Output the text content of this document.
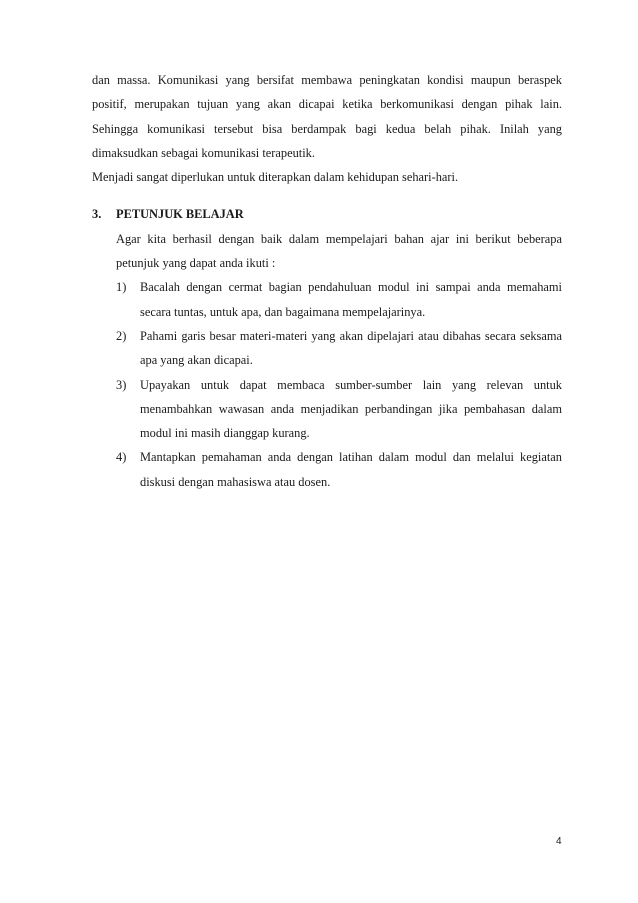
dan massa. Komunikasi yang bersifat membawa peningkatan kondisi maupun beraspek
positif, merupakan tujuan yang akan dicapai ketika berkomunikasi dengan pihak lain.
Sehingga komunikasi tersebut bisa berdampak bagi kedua belah pihak. Inilah yang
dimaksudkan sebagai komunikasi terapeutik.

Menjadi sangat diperlukan untuk diterapkan dalam kehidupan sehari-hari.

3.	PETUNJUK BELAJAR

Agar kita berhasil dengan baik dalam mempelajari bahan ajar ini berikut beberapa
petunjuk yang dapat anda ikuti :

1)	Bacalah dengan cermat bagian pendahuluan modul ini sampai anda memahami
secara tuntas, untuk apa, dan bagaimana mempelajarinya.
2)	Pahami garis besar materi-materi yang akan dipelajari atau dibahas secara seksama
apa yang akan dicapai.
3)	Upayakan untuk dapat membaca sumber-sumber lain yang relevan untuk
menambahkan wawasan anda menjadikan perbandingan jika pembahasan dalam
modul ini masih dianggap kurang.
4)	Mantapkan pemahaman anda dengan latihan dalam modul dan melalui kegiatan
diskusi dengan mahasiswa atau dosen.
4
